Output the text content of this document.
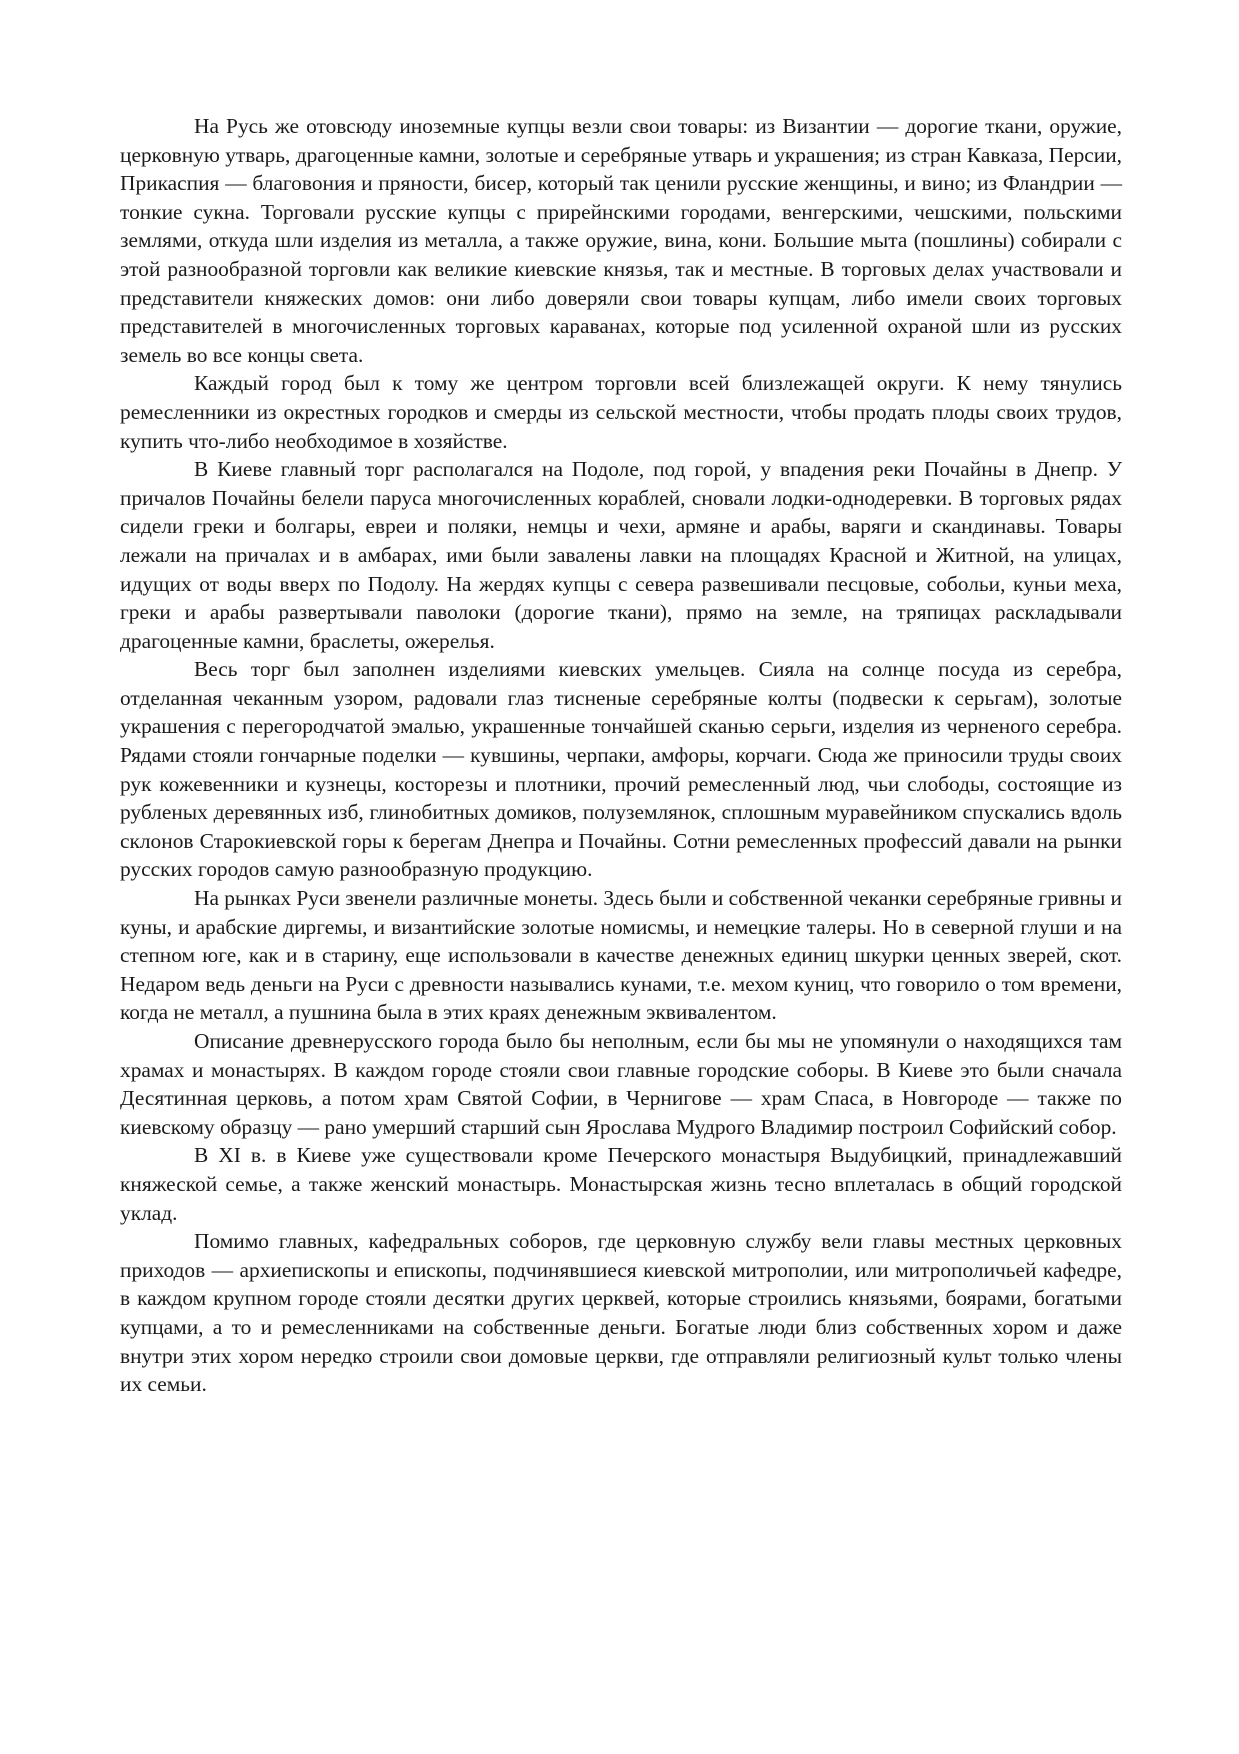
На Русь же отовсюду иноземные купцы везли свои товары: из Византии — дорогие ткани, оружие, церковную утварь, драгоценные камни, золотые и серебряные утварь и украшения; из стран Кавказа, Персии, Прикаспия — благовония и пряности, бисер, который так ценили русские женщины, и вино; из Фландрии — тонкие сукна. Торговали русские купцы с прирейнскими городами, венгерскими, чешскими, польскими землями, откуда шли изделия из металла, а также оружие, вина, кони. Большие мыта (пошлины) собирали с этой разнообразной торговли как великие киевские князья, так и местные. В торговых делах участвовали и представители княжеских домов: они либо доверяли свои товары купцам, либо имели своих торговых представителей в многочисленных торговых караванах, которые под усиленной охраной шли из русских земель во все концы света.

Каждый город был к тому же центром торговли всей близлежащей округи. К нему тянулись ремесленники из окрестных городков и смерды из сельской местности, чтобы продать плоды своих трудов, купить что-либо необходимое в хозяйстве.

В Киеве главный торг располагался на Подоле, под горой, у впадения реки Почайны в Днепр. У причалов Почайны белели паруса многочисленных кораблей, сновали лодки-однодеревки. В торговых рядах сидели греки и болгары, евреи и поляки, немцы и чехи, армяне и арабы, варяги и скандинавы. Товары лежали на причалах и в амбарах, ими были завалены лавки на площадях Красной и Житной, на улицах, идущих от воды вверх по Подолу. На жердях купцы с севера развешивали песцовые, собольи, куньи меха, греки и арабы развертывали паволоки (дорогие ткани), прямо на земле, на тряпицах раскладывали драгоценные камни, браслеты, ожерелья.

Весь торг был заполнен изделиями киевских умельцев. Сияла на солнце посуда из серебра, отделанная чеканным узором, радовали глаз тисненые серебряные колты (подвески к серьгам), золотые украшения с перегородчатой эмалью, украшенные тончайшей сканью серьги, изделия из черненого серебра. Рядами стояли гончарные поделки — кувшины, черпаки, амфоры, корчаги. Сюда же приносили труды своих рук кожевенники и кузнецы, косторезы и плотники, прочий ремесленный люд, чьи слободы, состоящие из рубленых деревянных изб, глинобитных домиков, полуземлянок, сплошным муравейником спускались вдоль склонов Старокиевской горы к берегам Днепра и Почайны. Сотни ремесленных профессий давали на рынки русских городов самую разнообразную продукцию.

На рынках Руси звенели различные монеты. Здесь были и собственной чеканки серебряные гривны и куны, и арабские диргемы, и византийские золотые номисмы, и немецкие талеры. Но в северной глуши и на степном юге, как и в старину, еще использовали в качестве денежных единиц шкурки ценных зверей, скот. Недаром ведь деньги на Руси с древности назывались кунами, т.е. мехом куниц, что говорило о том времени, когда не металл, а пушнина была в этих краях денежным эквивалентом.

Описание древнерусского города было бы неполным, если бы мы не упомянули о находящихся там храмах и монастырях. В каждом городе стояли свои главные городские соборы. В Киеве это были сначала Десятинная церковь, а потом храм Святой Софии, в Чернигове — храм Спаса, в Новгороде — также по киевскому образцу — рано умерший старший сын Ярослава Мудрого Владимир построил Софийский собор.

В XI в. в Киеве уже существовали кроме Печерского монастыря Выдубицкий, принадлежавший княжеской семье, а также женский монастырь. Монастырская жизнь тесно вплеталась в общий городской уклад.

Помимо главных, кафедральных соборов, где церковную службу вели главы местных церковных приходов — архиепископы и епископы, подчинявшиеся киевской митрополии, или митрополичьей кафедре, в каждом крупном городе стояли десятки других церквей, которые строились князьями, боярами, богатыми купцами, а то и ремесленниками на собственные деньги. Богатые люди близ собственных хором и даже внутри этих хором нередко строили свои домовые церкви, где отправляли религиозный культ только члены их семьи.
